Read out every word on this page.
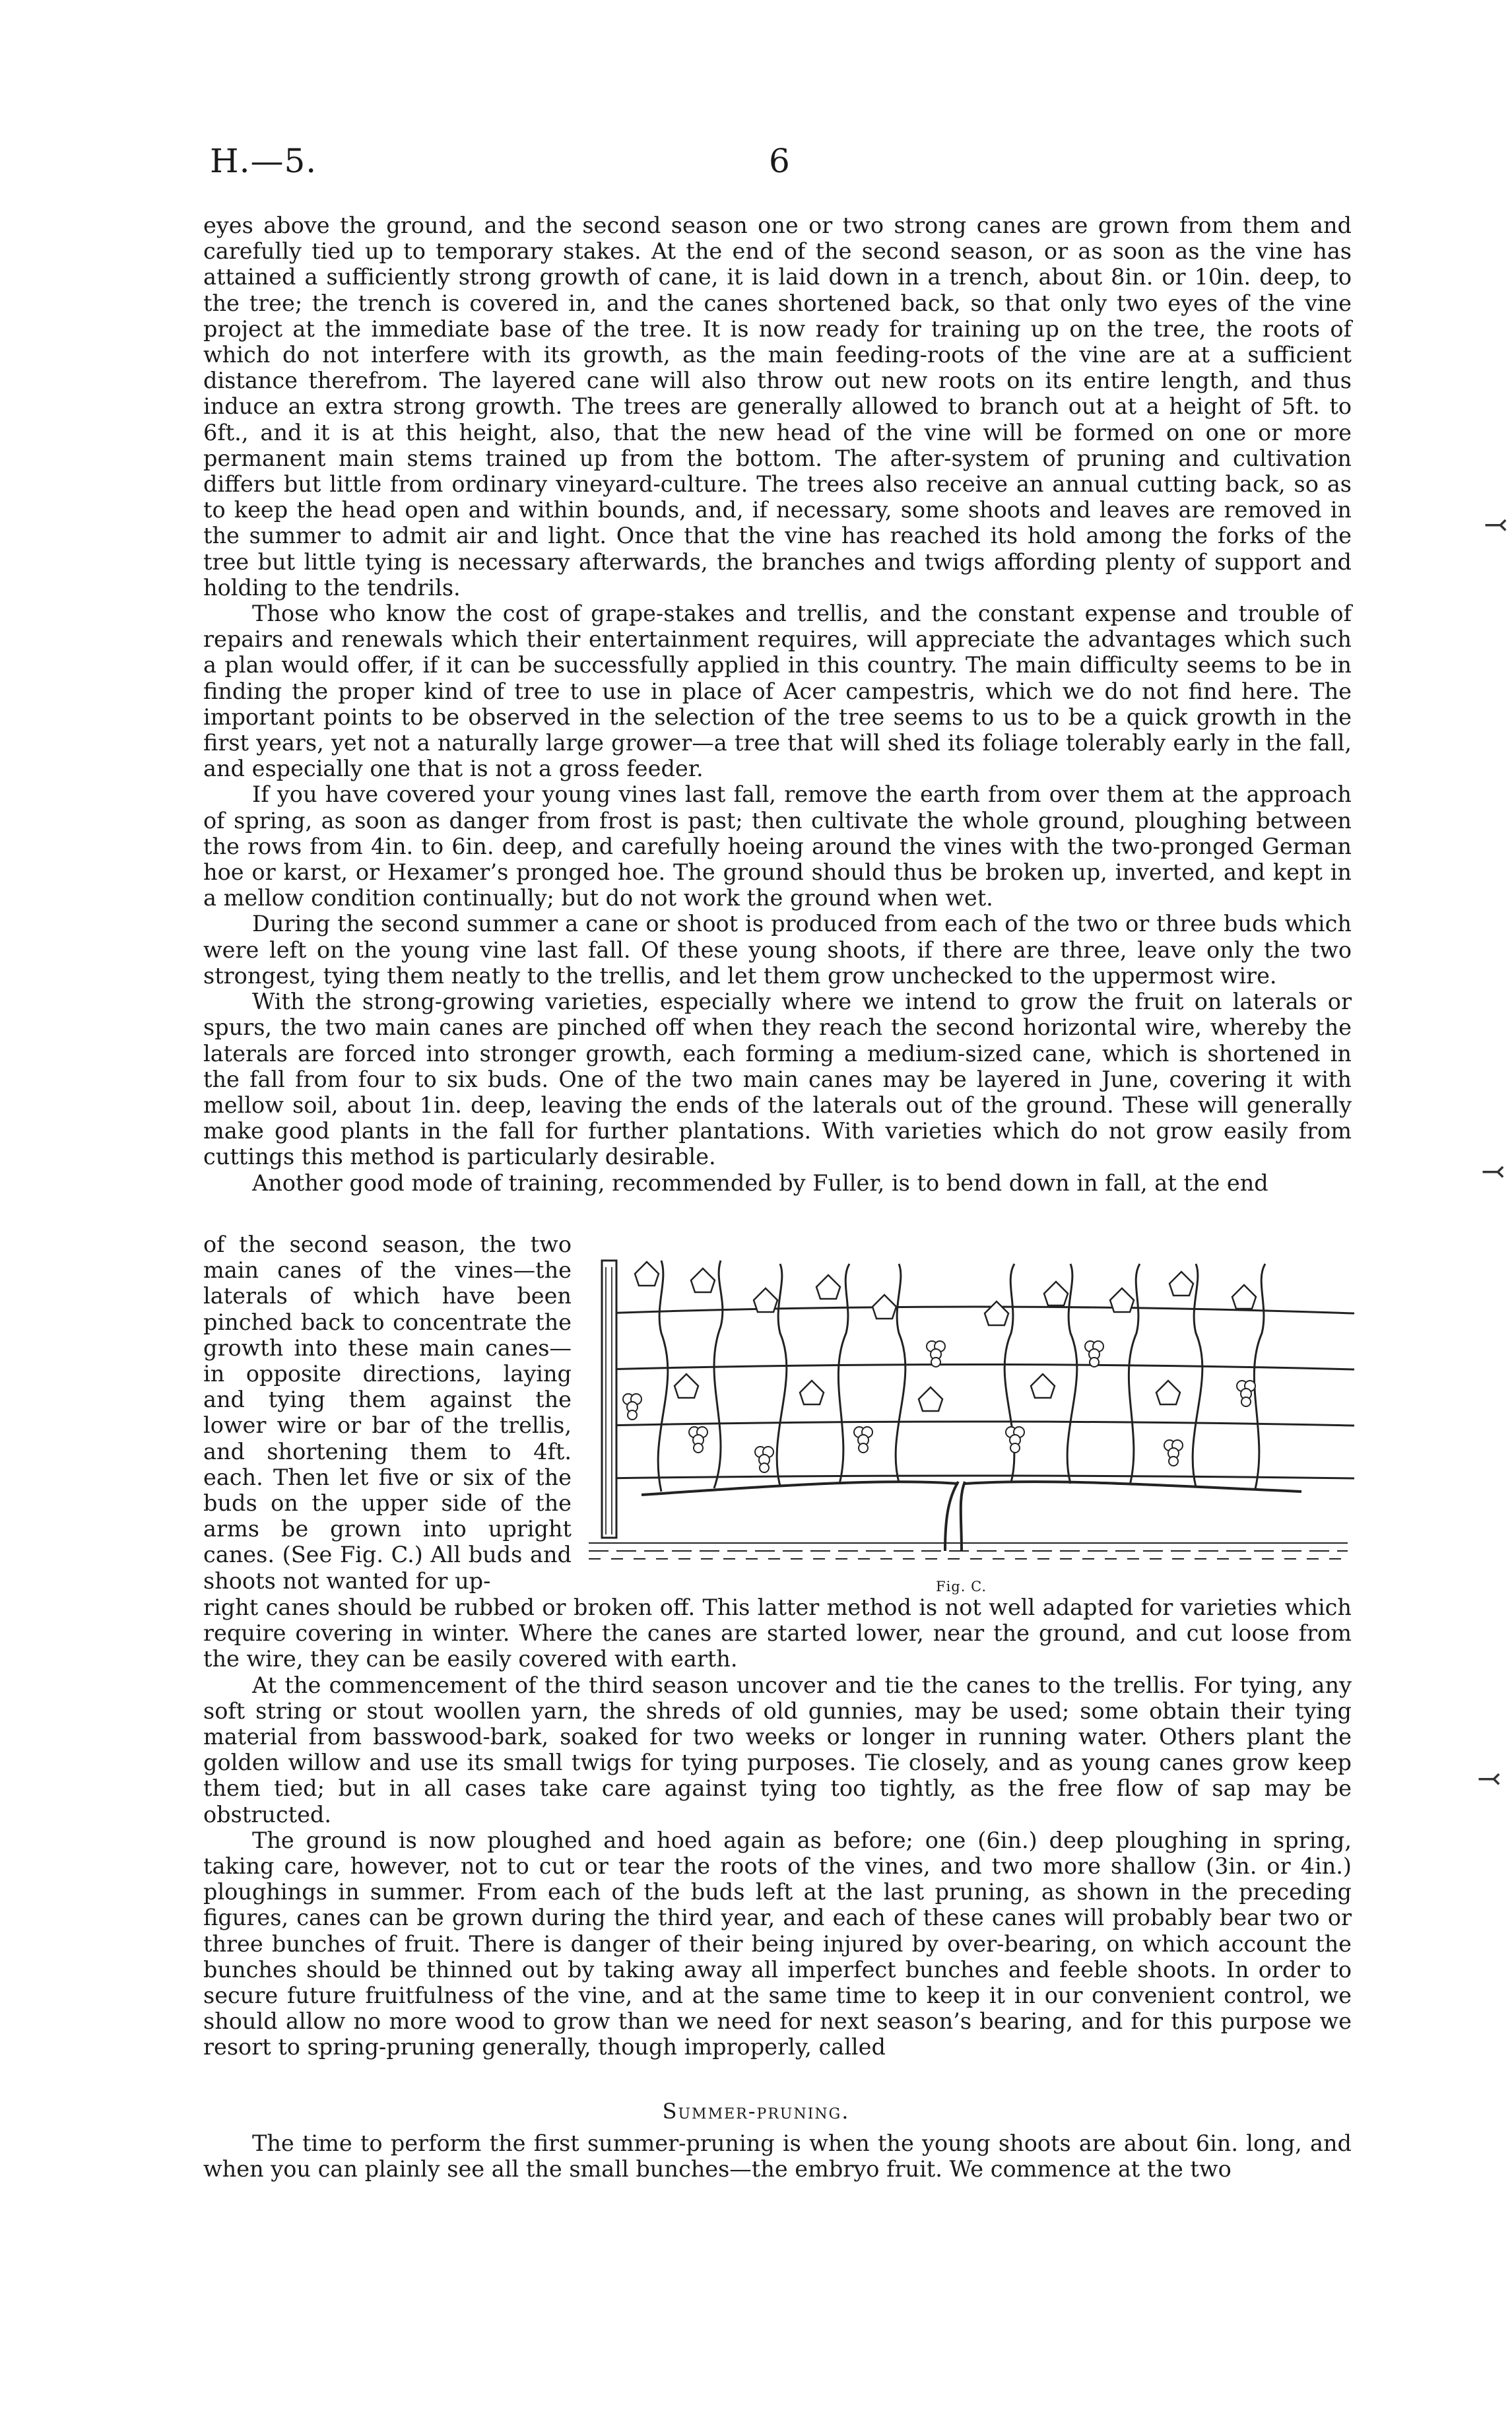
H.—5.	6

eyes above the ground, and the second season one or two strong canes are grown from them and carefully tied up to temporary stakes. At the end of the second season, or as soon as the vine has attained a sufficiently strong growth of cane, it is laid down in a trench, about 8in. or 10in. deep, to the tree; the trench is covered in, and the canes shortened back, so that only two eyes of the vine project at the immediate base of the tree. It is now ready for training up on the tree, the roots of which do not interfere with its growth, as the main feeding-roots of the vine are at a sufficient distance therefrom. The layered cane will also throw out new roots on its entire length, and thus induce an extra strong growth. The trees are generally allowed to branch out at a height of 5ft. to 6ft., and it is at this height, also, that the new head of the vine will be formed on one or more permanent main stems trained up from the bottom. The after-system of pruning and cultivation differs but little from ordinary vineyard-culture. The trees also receive an annual cutting back, so as to keep the head open and within bounds, and, if necessary, some shoots and leaves are removed in the summer to admit air and light. Once that the vine has reached its hold among the forks of the tree but little tying is necessary afterwards, the branches and twigs affording plenty of support and holding to the tendrils.

Those who know the cost of grape-stakes and trellis, and the constant expense and trouble of repairs and renewals which their entertainment requires, will appreciate the advantages which such a plan would offer, if it can be successfully applied in this country. The main difficulty seems to be in finding the proper kind of tree to use in place of Acer campestris, which we do not find here. The important points to be observed in the selection of the tree seems to us to be a quick growth in the first years, yet not a naturally large grower—a tree that will shed its foliage tolerably early in the fall, and especially one that is not a gross feeder.

If you have covered your young vines last fall, remove the earth from over them at the approach of spring, as soon as danger from frost is past; then cultivate the whole ground, ploughing between the rows from 4in. to 6in. deep, and carefully hoeing around the vines with the two-pronged German hoe or karst, or Hexamer’s pronged hoe. The ground should thus be broken up, inverted, and kept in a mellow condition continually; but do not work the ground when wet.

During the second summer a cane or shoot is produced from each of the two or three buds which were left on the young vine last fall. Of these young shoots, if there are three, leave only the two strongest, tying them neatly to the trellis, and let them grow unchecked to the uppermost wire.

With the strong-growing varieties, especially where we intend to grow the fruit on laterals or spurs, the two main canes are pinched off when they reach the second horizontal wire, whereby the laterals are forced into stronger growth, each forming a medium-sized cane, which is shortened in the fall from four to six buds. One of the two main canes may be layered in June, covering it with mellow soil, about 1in. deep, leaving the ends of the laterals out of the ground. These will generally make good plants in the fall for further plantations. With varieties which do not grow easily from cuttings this method is particularly desirable.

Another good mode of training, recommended by Fuller, is to bend down in fall, at the end

of the second season, the two main canes of the vines—the laterals of which have been pinched back to concentrate the growth into these main canes—in opposite directions, laying and tying them against the lower wire or bar of the trellis, and shortening them to 4ft. each. Then let five or six of the buds on the upper side of the arms be grown into upright canes. (See Fig. C.) All buds and shoots not wanted for up-	Fig. C.

right canes should be rubbed or broken off. This latter method is not well adapted for varieties which require covering in winter. Where the canes are started lower, near the ground, and cut loose from the wire, they can be easily covered with earth.

At the commencement of the third season uncover and tie the canes to the trellis. For tying, any soft string or stout woollen yarn, the shreds of old gunnies, may be used; some obtain their tying material from basswood-bark, soaked for two weeks or longer in running water. Others plant the golden willow and use its small twigs for tying purposes. Tie closely, and as young canes grow keep them tied; but in all cases take care against tying too tightly, as the free flow of sap may be obstructed.

The ground is now ploughed and hoed again as before; one (6in.) deep ploughing in spring, taking care, however, not to cut or tear the roots of the vines, and two more shallow (3in. or 4in.) ploughings in summer. From each of the buds left at the last pruning, as shown in the preceding figures, canes can be grown during the third year, and each of these canes will probably bear two or three bunches of fruit. There is danger of their being injured by over-bearing, on which account the bunches should be thinned out by taking away all imperfect bunches and feeble shoots. In order to secure future fruitfulness of the vine, and at the same time to keep it in our convenient control, we should allow no more wood to grow than we need for next season’s bearing, and for this purpose we resort to spring-pruning generally, though improperly, called

Summer-pruning.

The time to perform the first summer-pruning is when the young shoots are about 6in. long, and when you can plainly see all the small bunches—the embryo fruit. We commence at the two

⤙
⤙
⤙
